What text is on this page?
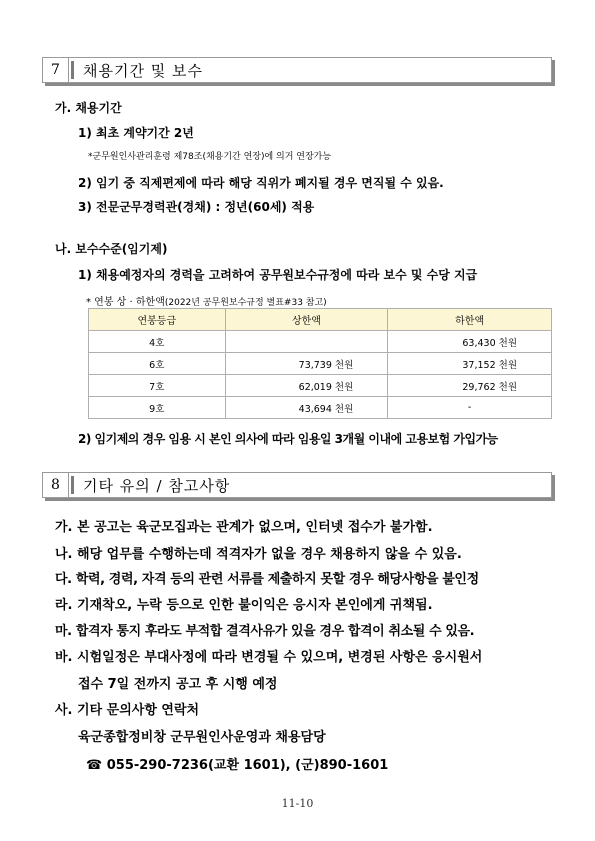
7	채용기간 및 보수
가. 채용기간
1) 최초 계약기간 2년
*군무원인사관리훈령 제78조(채용기간 연장)에 의거 연장가능
2) 임기 중 직제편제에 따라 해당 직위가 폐지될 경우 면직될 수 있음.
3) 전문군무경력관(경채) : 정년(60세) 적용
나. 보수수준(임기제)
1) 채용예정자의 경력을 고려하여 공무원보수규정에 따라 보수 및 수당 지급
* 연봉 상 · 하한액(2022년 공무원보수규정 별표#33 참고)
연봉등급	상한액	하한액
4호		63,430 천원
6호	73,739 천원	37,152 천원
7호	62,019 천원	29,762 천원
9호	43,694 천원	-
2) 임기제의 경우 임용 시 본인 의사에 따라 임용일 3개월 이내에 고용보험 가입가능
8	기타 유의 / 참고사항
가. 본 공고는 육군모집과는 관계가 없으며, 인터넷 접수가 불가함.
나. 해당 업무를 수행하는데 적격자가 없을 경우 채용하지 않을 수 있음.
다. 학력, 경력, 자격 등의 관련 서류를 제출하지 못할 경우 해당사항을 불인정
라. 기재착오, 누락 등으로 인한 불이익은 응시자 본인에게 귀책됨.
마. 합격자 통지 후라도 부적합 결격사유가 있을 경우 합격이 취소될 수 있음.
바. 시험일정은 부대사정에 따라 변경될 수 있으며, 변경된 사항은 응시원서
접수 7일 전까지 공고 후 시행 예정
사. 기타 문의사항 연락처
육군종합정비창 군무원인사운영과 채용담당
☎ 055-290-7236(교환 1601), (군)890-1601
11-10
